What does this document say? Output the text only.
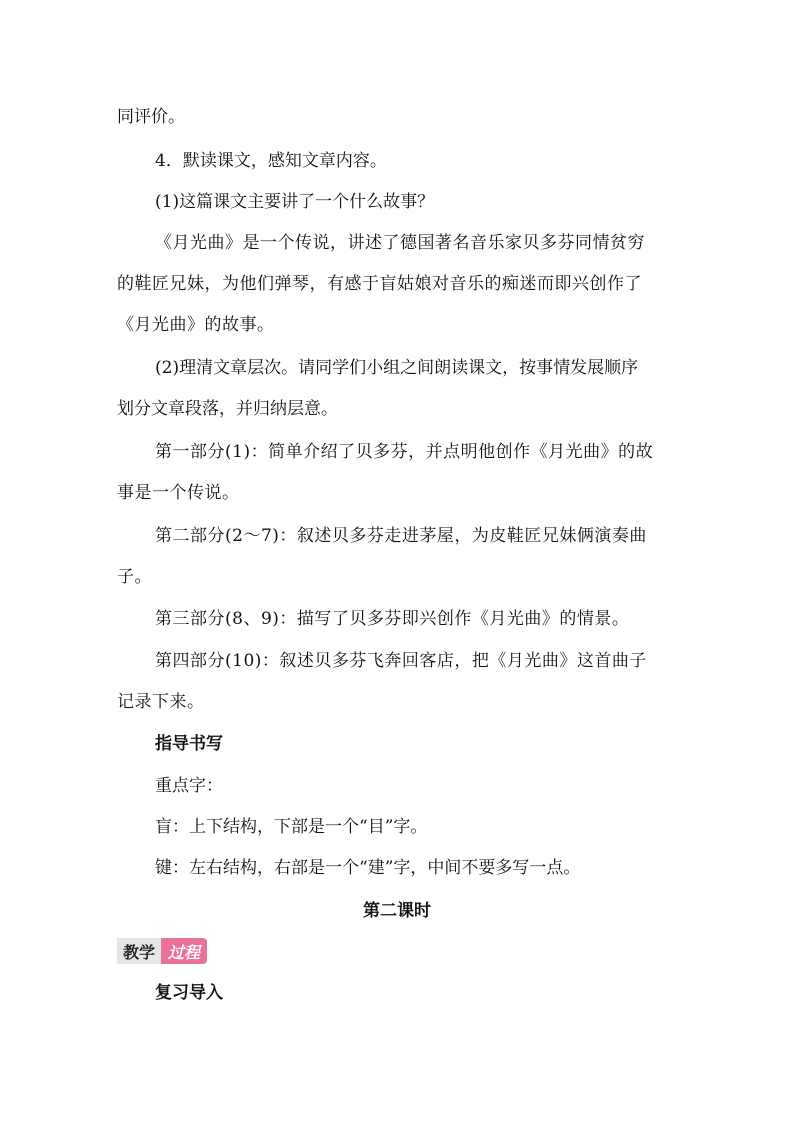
同评价。
4．默读课文，感知文章内容。
(1)这篇课文主要讲了一个什么故事？
《月光曲》是一个传说，讲述了德国著名音乐家贝多芬同情贫穷
的鞋匠兄妹，为他们弹琴，有感于盲姑娘对音乐的痴迷而即兴创作了
《月光曲》的故事。
(2)理清文章层次。请同学们小组之间朗读课文，按事情发展顺序
划分文章段落，并归纳层意。
第一部分(1)：简单介绍了贝多芬，并点明他创作《月光曲》的故
事是一个传说。
第二部分(2～7)：叙述贝多芬走进茅屋，为皮鞋匠兄妹俩演奏曲
子。
第三部分(8、9)：描写了贝多芬即兴创作《月光曲》的情景。
第四部分(10)：叙述贝多芬飞奔回客店，把《月光曲》这首曲子
记录下来。
指导书写
重点字：
盲：上下结构，下部是一个“目”字。
键：左右结构，右部是一个“建”字，中间不要多写一点。
第二课时
教学 过程
复习导入
